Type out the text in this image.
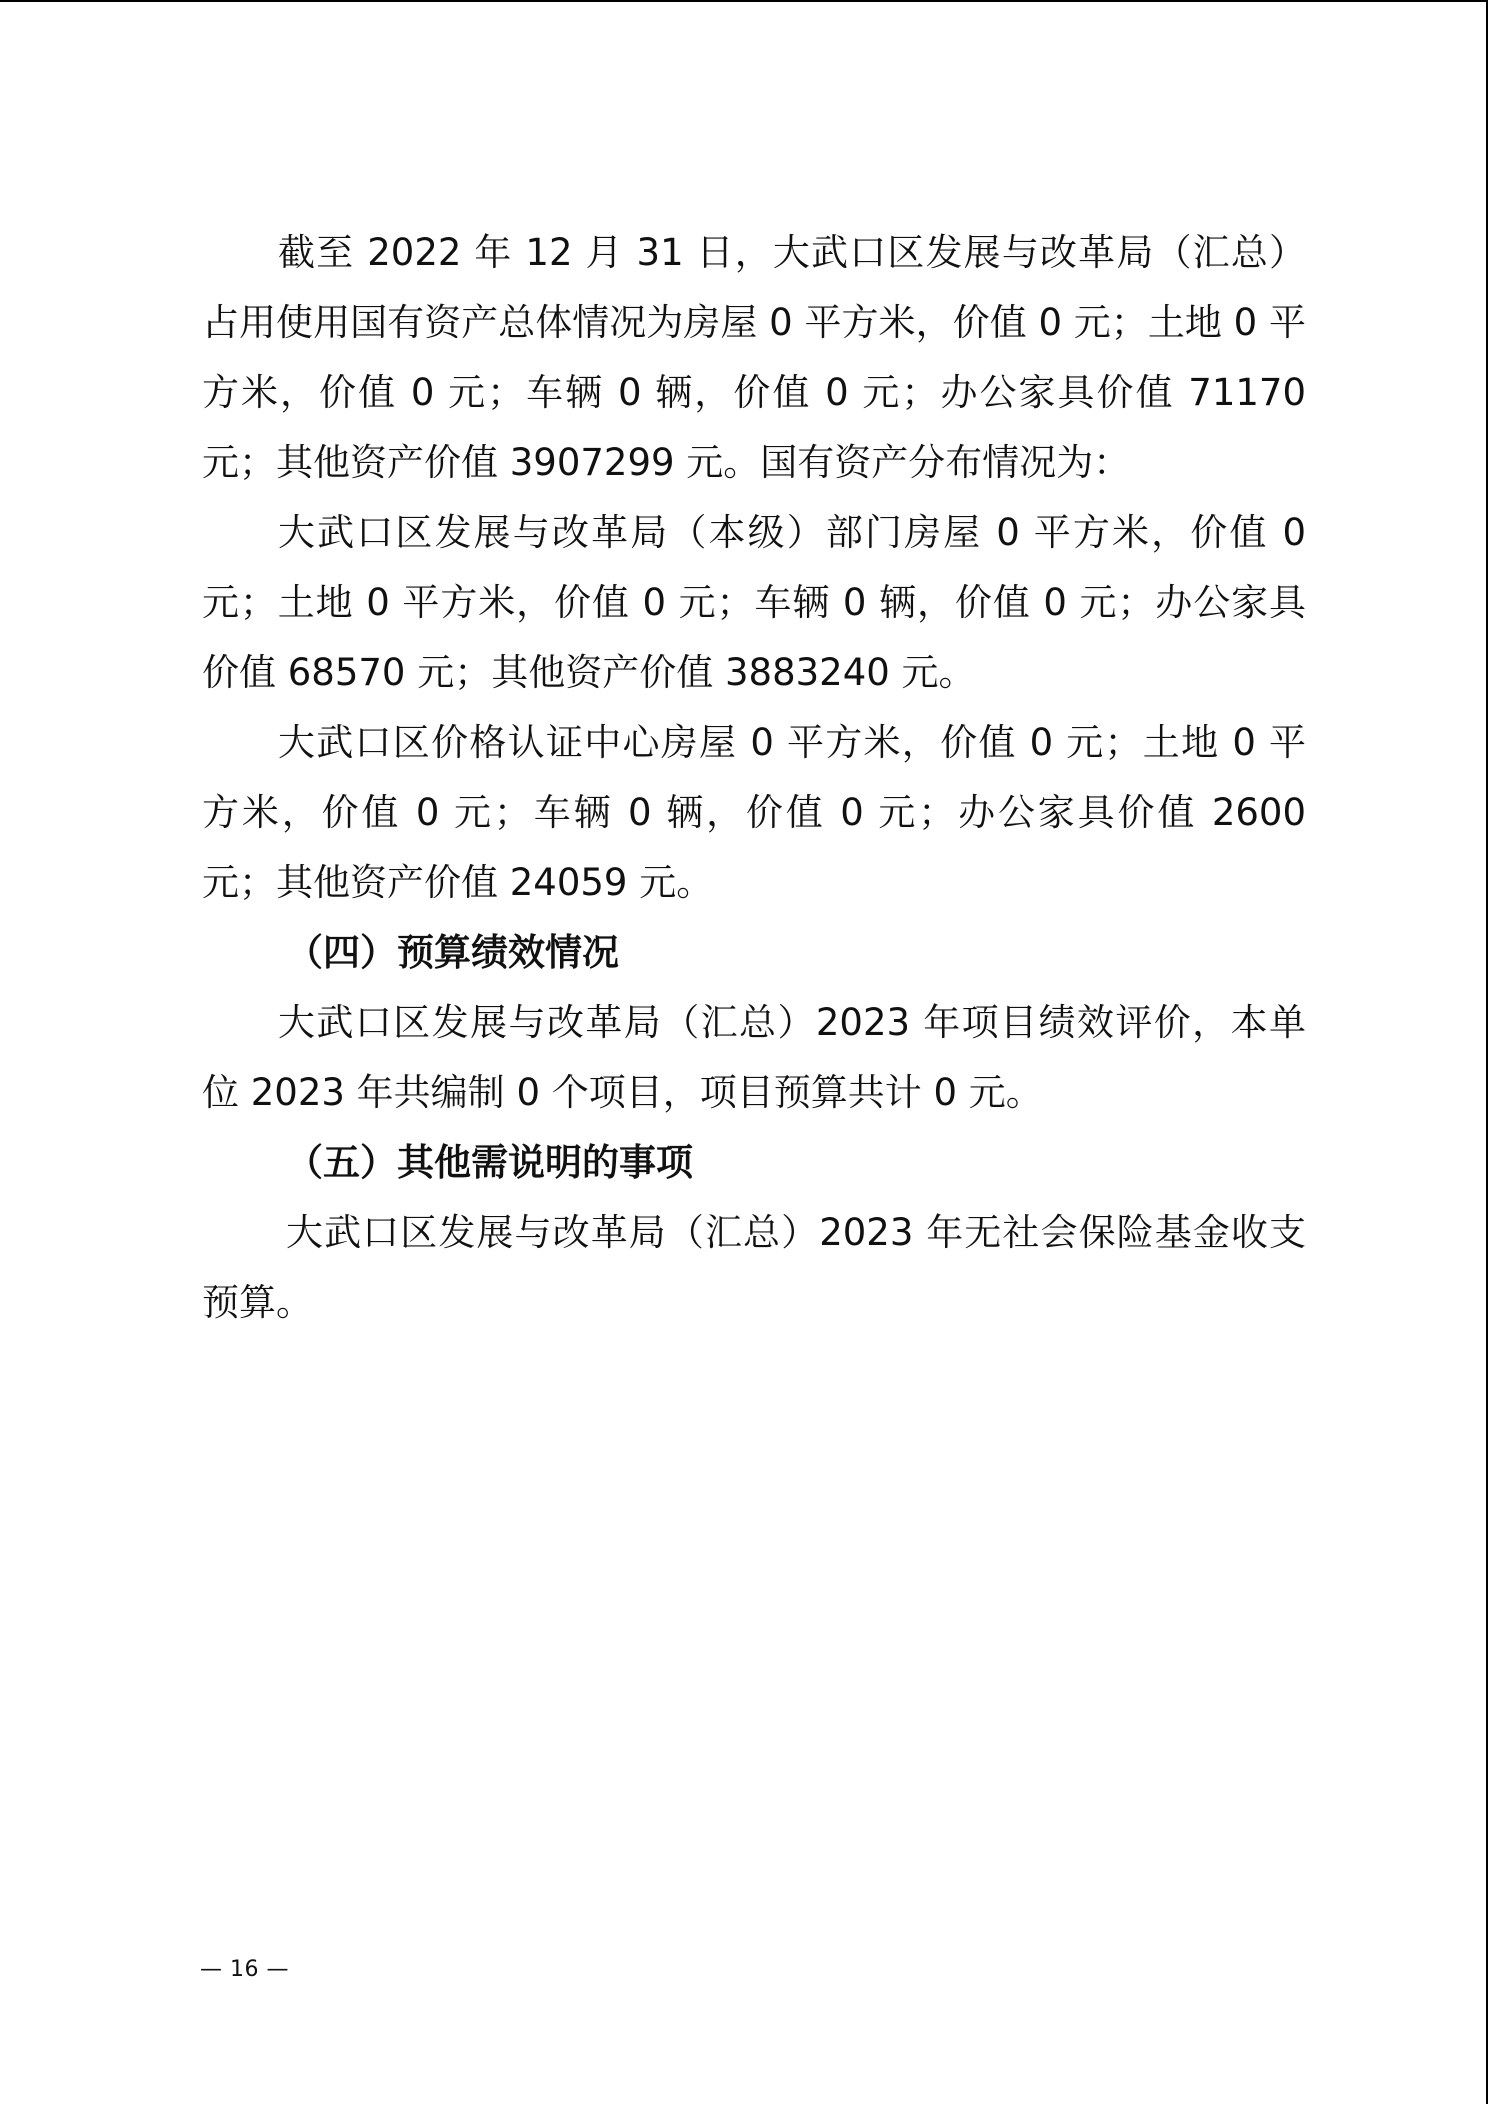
截至 2022 年 12 月 31 日，大武口区发展与改革局（汇总）占用使用国有资产总体情况为房屋 0 平方米，价值 0 元；土地 0 平方米，价值 0 元；车辆 0 辆，价值 0 元；办公家具价值 71170 元；其他资产价值 3907299 元。国有资产分布情况为：

大武口区发展与改革局（本级）部门房屋 0 平方米，价值 0 元；土地 0 平方米，价值 0 元；车辆 0 辆，价值 0 元；办公家具价值 68570 元；其他资产价值 3883240 元。

大武口区价格认证中心房屋 0 平方米，价值 0 元；土地 0 平方米，价值 0 元；车辆 0 辆，价值 0 元；办公家具价值 2600 元；其他资产价值 24059 元。

（四）预算绩效情况

大武口区发展与改革局（汇总）2023 年项目绩效评价，本单位 2023 年共编制 0 个项目，项目预算共计 0 元。

（五）其他需说明的事项

大武口区发展与改革局（汇总）2023 年无社会保险基金收支预算。

— 16 —
